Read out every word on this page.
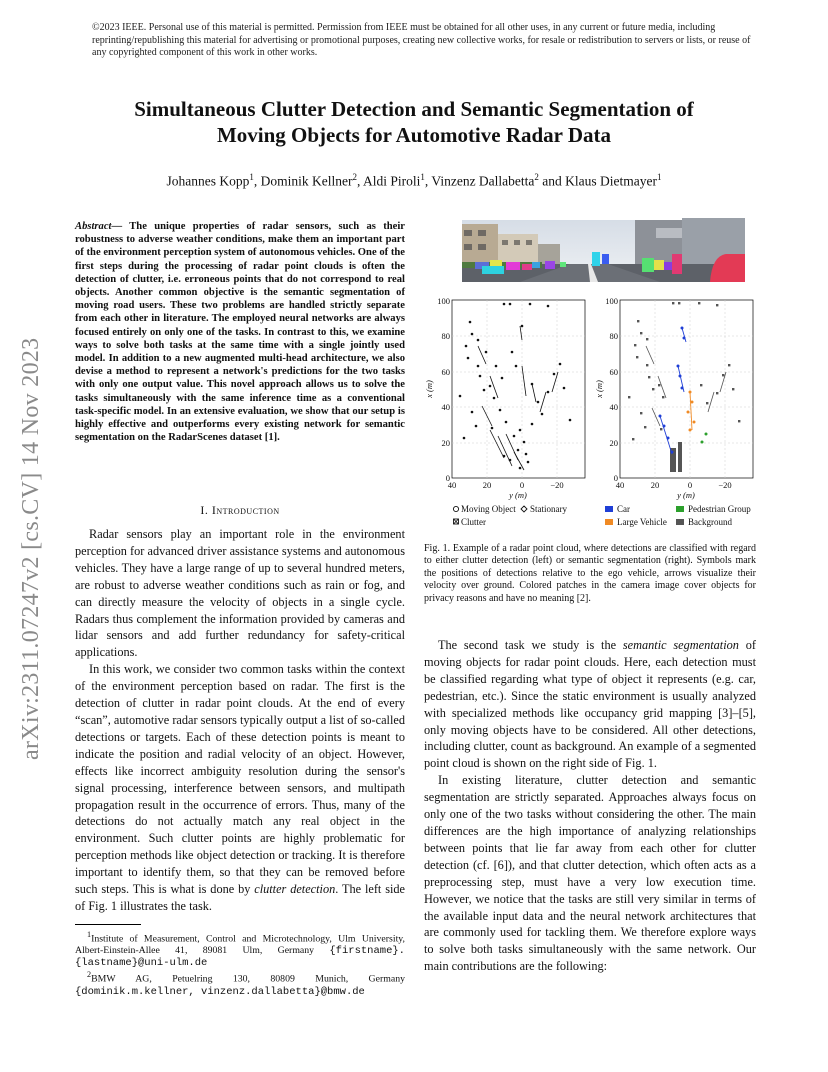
©2023 IEEE. Personal use of this material is permitted. Permission from IEEE must be obtained for all other uses, in any current or future media, including reprinting/republishing this material for advertising or promotional purposes, creating new collective works, for resale or redistribution to servers or lists, or reuse of any copyrighted component of this work in other works.
Simultaneous Clutter Detection and Semantic Segmentation of
Moving Objects for Automotive Radar Data
Johannes Kopp$^1$, Dominik Kellner$^2$, Aldi Piroli$^1$, Vinzenz Dallabetta$^2$ and Klaus Dietmayer$^1$
arXiv:2311.07247v2 [cs.CV] 14 Nov 2023
Abstract— The unique properties of radar sensors, such as their robustness to adverse weather conditions, make them an important part of the environment perception system of autonomous vehicles. One of the first steps during the processing of radar point clouds is often the detection of clutter, i.e. erroneous points that do not correspond to real objects. Another common objective is the semantic segmentation of moving road users. These two problems are handled strictly separate from each other in literature. The employed neural networks are always focused entirely on only one of the tasks. In contrast to this, we examine ways to solve both tasks at the same time with a single jointly used model. In addition to a new augmented multi-head architecture, we also devise a method to represent a network's predictions for the two tasks with only one output value. This novel approach allows us to solve the tasks simultaneously with the same inference time as a conventional task-specific model. In an extensive evaluation, we show that our setup is highly effective and outperforms every existing network for semantic segmentation on the RadarScenes dataset [1].
I. Introduction

Radar sensors play an important role in the environment perception for advanced driver assistance systems and autonomous vehicles. They have a large range of up to several hundred meters, are robust to adverse weather conditions such as rain or fog, and can directly measure the velocity of objects in a single cycle. Radars thus complement the information provided by cameras and lidar sensors and add further redundancy for safety-critical applications.

In this work, we consider two common tasks within the context of the environment perception based on radar. The first is the detection of clutter in radar point clouds. At the end of every “scan”, automotive radar sensors typically output a list of so-called detections or targets. Each of these detection points is meant to indicate the position and radial velocity of an object. However, effects like incorrect ambiguity resolution during the sensor's signal processing, interference between sensors, and multipath propagation result in the occurrence of errors. Thus, many of the detections do not actually match any real object in the environment. Such clutter points are highly problematic for perception methods like object detection or tracking. It is therefore important to identify them, so that they can be removed before such steps. This is what is done by clutter detection. The left side of Fig. 1 illustrates the task.

$^1$Institute of Measurement, Control and Microtechnology, Ulm University, Albert-Einstein-Allee 41, 89081 Ulm, Germany {firstname}.{lastname}@uni-ulm.de
$^2$BMW AG, Petuelring 130, 80809 Munich, Germany {dominik.m.kellner, vinzenz.dallabetta}@bmw.de
0
20
40
60
80
100
40	20	0	−20
0
20
40
60
80
100
40	20	0	−20
y (m)	y (m)
x (m)	x (m)
Moving Object Stationary
Clutter
Car	Pedestrian Group
Large Vehicle Background
Fig. 1. Example of a radar point cloud, where detections are classified with regard to either clutter detection (left) or semantic segmentation (right). Symbols mark the positions of detections relative to the ego vehicle, arrows visualize their velocity over ground. Colored patches in the camera image cover objects for privacy reasons and have no meaning [2].

The second task we study is the semantic segmentation of moving objects for radar point clouds. Here, each detection must be classified regarding what type of object it represents (e.g. car, pedestrian, etc.). Since the static environment is usually analyzed with specialized methods like occupancy grid mapping [3]–[5], only moving objects have to be considered. All other detections, including clutter, count as background. An example of a segmented point cloud is shown on the right side of Fig. 1.

In existing literature, clutter detection and semantic segmentation are strictly separated. Approaches always focus on only one of the two tasks without considering the other. The main differences are the high importance of analyzing relationships between points that lie far away from each other for clutter detection (cf. [6]), and that clutter detection, which often acts as a preprocessing step, must have a very low execution time. However, we notice that the tasks are still very similar in terms of the available input data and the neural network architectures that are commonly used for tackling them. We therefore explore ways to solve both tasks simultaneously with the same network. Our main contributions are the following:
